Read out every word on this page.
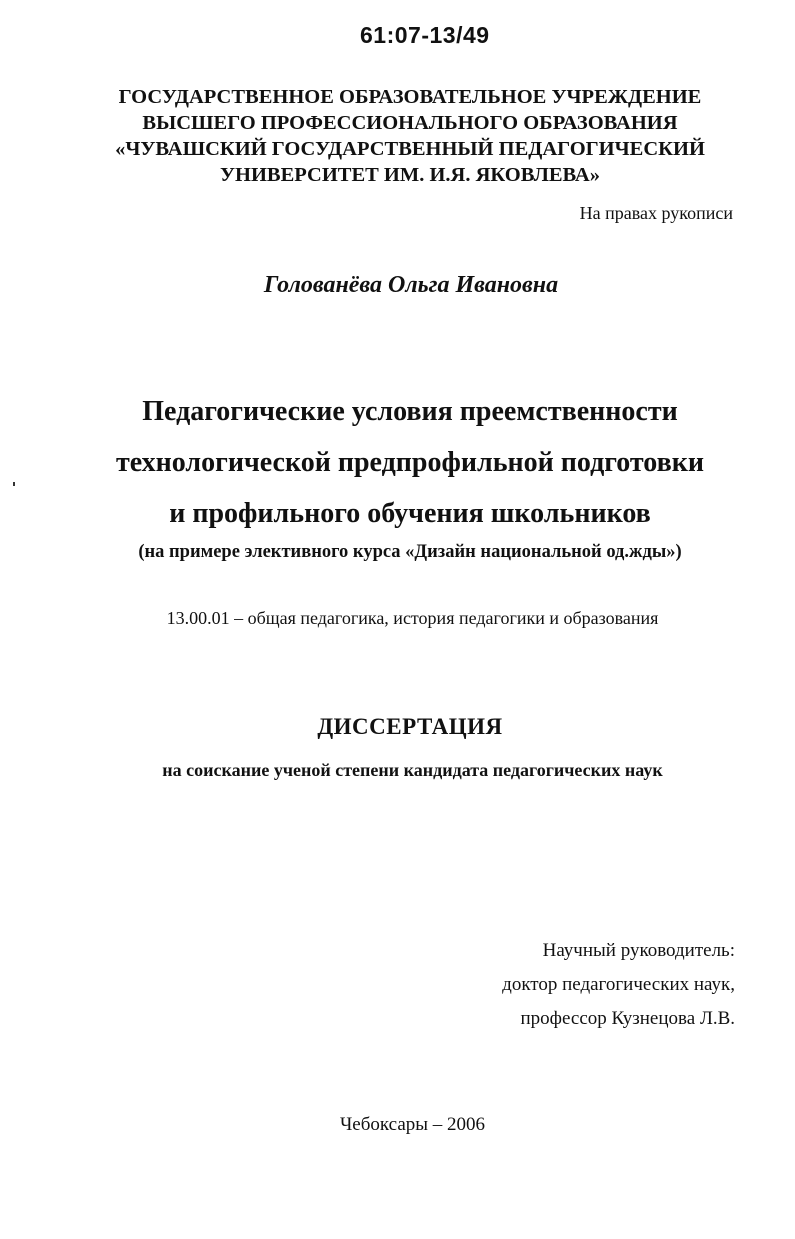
61:07-13/49
ГОСУДАРСТВЕННОЕ ОБРАЗОВАТЕЛЬНОЕ УЧРЕЖДЕНИЕ
ВЫСШЕГО ПРОФЕССИОНАЛЬНОГО ОБРАЗОВАНИЯ
«ЧУВАШСКИЙ ГОСУДАРСТВЕННЫЙ ПЕДАГОГИЧЕСКИЙ
УНИВЕРСИТЕТ ИМ. И.Я. ЯКОВЛЕВА»
На правах рукописи
Голованёва Ольга Ивановна
Педагогические условия преемственности
технологической предпрофильной подготовки
и профильного обучения школьников
(на примере элективного курса «Дизайн национальной од.жды»)
13.00.01 – общая педагогика, история педагогики и образования
ДИССЕРТАЦИЯ
на соискание ученой степени кандидата педагогических наук
Научный руководитель:
доктор педагогических наук,
профессор Кузнецова Л.В.
Чебоксары – 2006
